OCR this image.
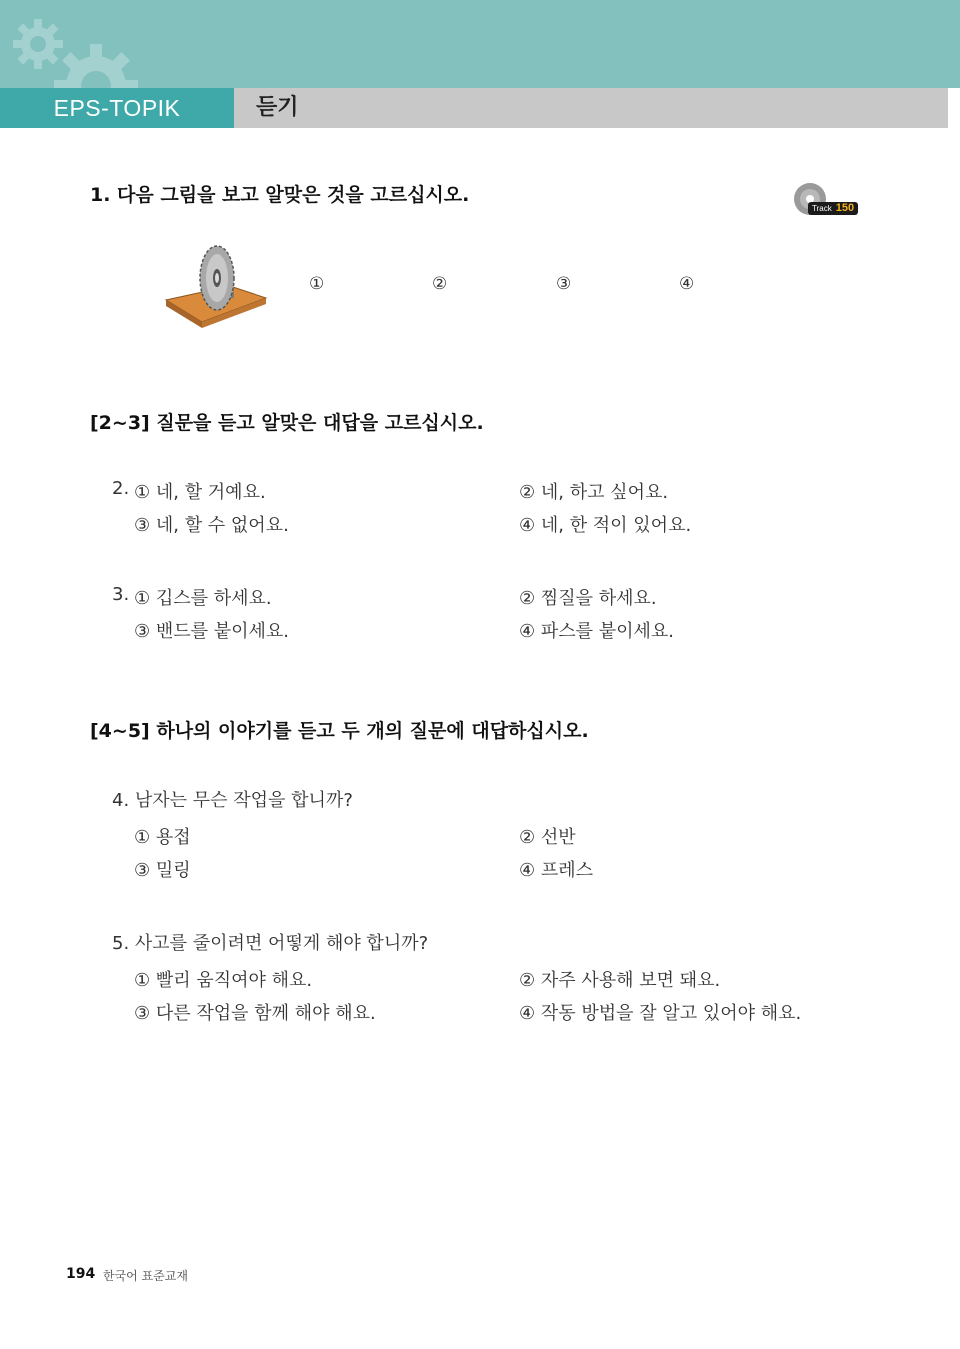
EPS-TOPIK	듣기
Track 150
1. 다음 그림을 보고 알맞은 것을 고르십시오.
①	②	③	④
[2~3] 질문을 듣고 알맞은 대답을 고르십시오.
2. ① 네, 할 거예요.	② 네, 하고 싶어요.
③ 네, 할 수 없어요.	④ 네, 한 적이 있어요.
3. ① 깁스를 하세요.	② 찜질을 하세요.
③ 밴드를 붙이세요.	④ 파스를 붙이세요.
[4~5] 하나의 이야기를 듣고 두 개의 질문에 대답하십시오.
4. 남자는 무슨 작업을 합니까?
① 용접	② 선반
③ 밀링	④ 프레스
5. 사고를 줄이려면 어떻게 해야 합니까?
① 빨리 움직여야 해요.	② 자주 사용해 보면 돼요.
③ 다른 작업을 함께 해야 해요.	④ 작동 방법을 잘 알고 있어야 해요.
194 한국어 표준교재
